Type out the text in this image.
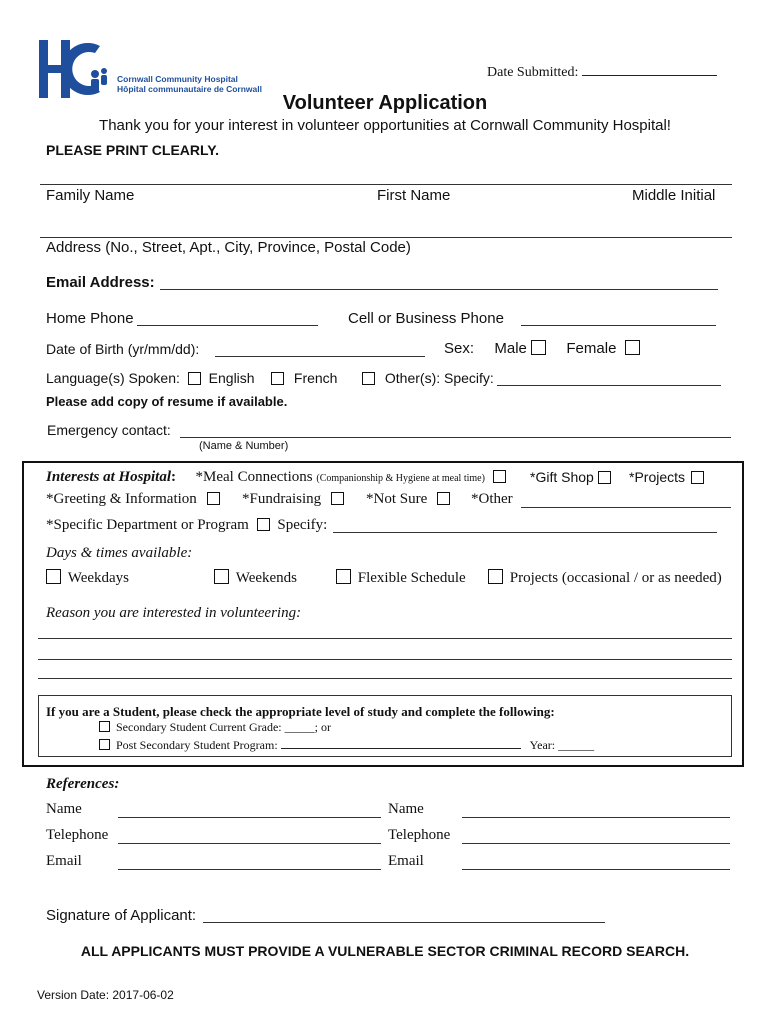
Cornwall Community Hospital
Hôpital communautaire de Cornwall
Date Submitted:
Volunteer Application
Thank you for your interest in volunteer opportunities at Cornwall Community Hospital!
PLEASE PRINT CLEARLY.
Family Name	First Name	Middle Initial
Address (No., Street, Apt., City, Province, Postal Code)
Email Address:
Home Phone	Cell or Business Phone
Date of Birth (yr/mm/dd):	Sex: Male	Female
Language(s) Spoken: English	French	Other(s): Specify:
Please add copy of resume if available.
Emergency contact:
(Name & Number)
Interests at Hospital: *Meal Connections (Companionship & Hygiene at meal time)	*Gift Shop	*Projects
*Greeting & Information	*Fundraising	*Not Sure	*Other
*Specific Department or Program Specify:
Days & times available:
Weekdays	Weekends	Flexible Schedule	Projects (occasional / or as needed)
Reason you are interested in volunteering:
If you are a Student, please check the appropriate level of study and complete the following:
Secondary Student Current Grade: _____; or
Post Secondary Student Program:	Year: ______
References:
Name	Name
Telephone	Telephone
Email	Email
Signature of Applicant:
ALL APPLICANTS MUST PROVIDE A VULNERABLE SECTOR CRIMINAL RECORD SEARCH.
Version Date: 2017-06-02
